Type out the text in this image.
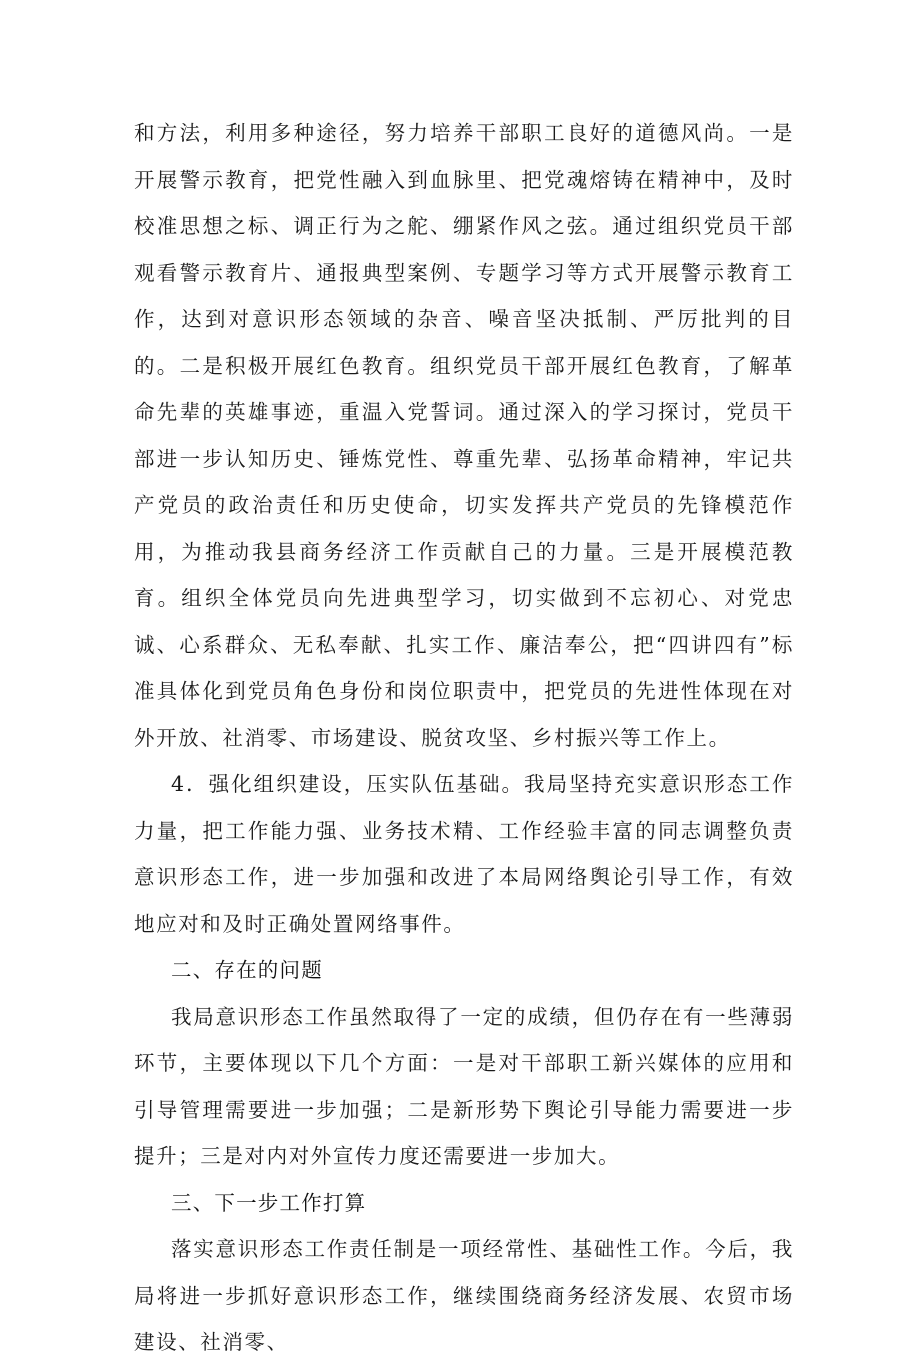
和方法，利用多种途径，努力培养干部职工良好的道德风尚。一是开展警示教育，把党性融入到血脉里、把党魂熔铸在精神中，及时校准思想之标、调正行为之舵、绷紧作风之弦。通过组织党员干部观看警示教育片、通报典型案例、专题学习等方式开展警示教育工作，达到对意识形态领域的杂音、噪音坚决抵制、严厉批判的目的。二是积极开展红色教育。组织党员干部开展红色教育，了解革命先辈的英雄事迹，重温入党誓词。通过深入的学习探讨，党员干部进一步认知历史、锤炼党性、尊重先辈、弘扬革命精神，牢记共产党员的政治责任和历史使命，切实发挥共产党员的先锋模范作用，为推动我县商务经济工作贡献自己的力量。三是开展模范教育。组织全体党员向先进典型学习，切实做到不忘初心、对党忠诚、心系群众、无私奉献、扎实工作、廉洁奉公，把“四讲四有”标准具体化到党员角色身份和岗位职责中，把党员的先进性体现在对外开放、社消零、市场建设、脱贫攻坚、乡村振兴等工作上。

4．强化组织建设，压实队伍基础。我局坚持充实意识形态工作力量，把工作能力强、业务技术精、工作经验丰富的同志调整负责意识形态工作，进一步加强和改进了本局网络舆论引导工作，有效地应对和及时正确处置网络事件。

二、存在的问题

我局意识形态工作虽然取得了一定的成绩，但仍存在有一些薄弱环节，主要体现以下几个方面：一是对干部职工新兴媒体的应用和引导管理需要进一步加强；二是新形势下舆论引导能力需要进一步提升；三是对内对外宣传力度还需要进一步加大。

三、下一步工作打算

落实意识形态工作责任制是一项经常性、基础性工作。今后，我局将进一步抓好意识形态工作，继续围绕商务经济发展、农贸市场建设、社消零、
